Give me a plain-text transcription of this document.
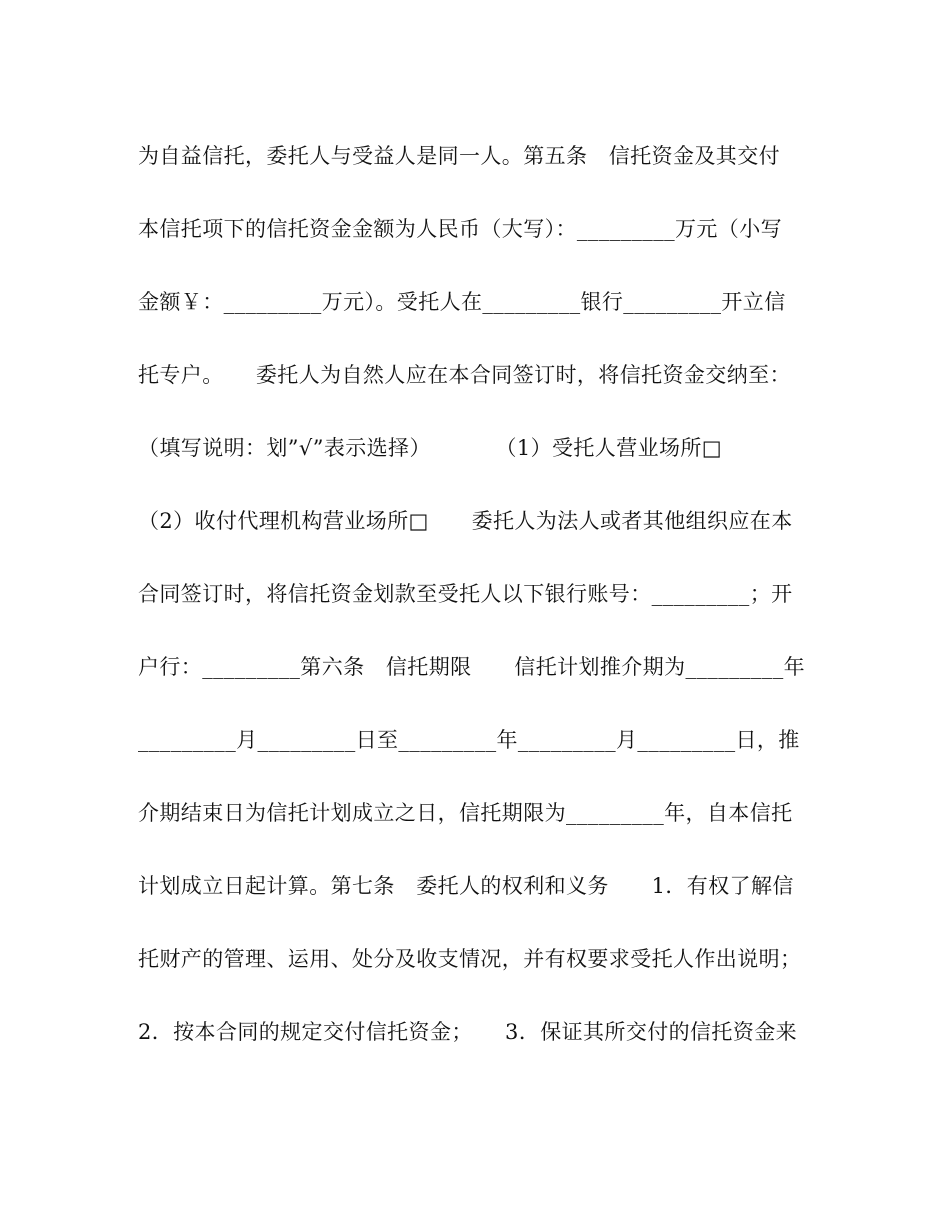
为自益信托，委托人与受益人是同一人。第五条　信托资金及其交付
本信托项下的信托资金金额为人民币（大写）：_________万元（小写
金额￥：_________万元）。受托人在_________银行_________开立信
托专户。　　委托人为自然人应在本合同签订时，将信托资金交纳至：
（填写说明：划”√”表示选择）　　　　（1）受托人营业场所□
（2）收付代理机构营业场所□　　委托人为法人或者其他组织应在本
合同签订时，将信托资金划款至受托人以下银行账号：_________；开
户行：_________第六条　信托期限　　信托计划推介期为_________年
_________月_________日至_________年_________月_________日，推
介期结束日为信托计划成立之日，信托期限为_________年，自本信托
计划成立日起计算。第七条　委托人的权利和义务　　1．有权了解信
托财产的管理、运用、处分及收支情况，并有权要求受托人作出说明；
2．按本合同的规定交付信托资金；　　3．保证其所交付的信托资金来
